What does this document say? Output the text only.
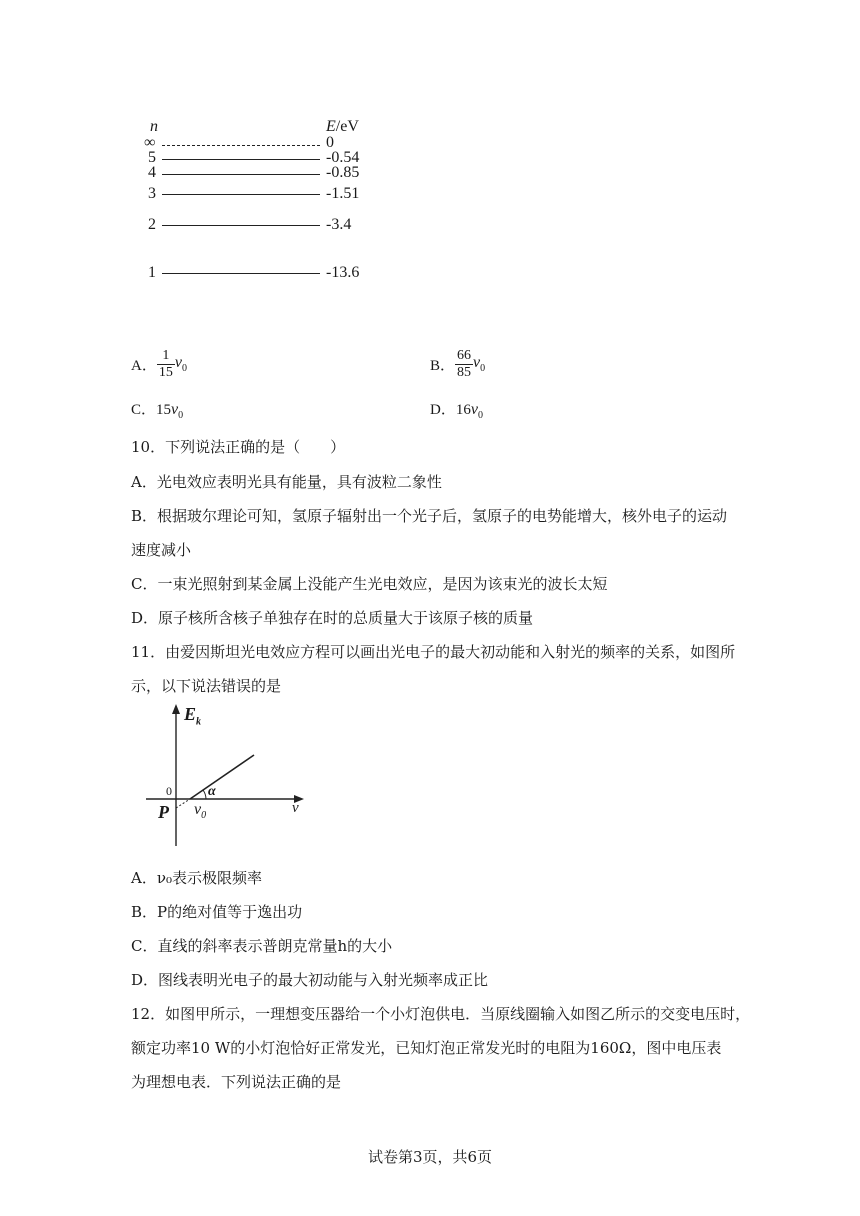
n	E/eV
∞	0
5	-0.54
4	-0.85
3	-1.51
2	-3.4
1	-13.6
A． $\frac{1}{15} \nu_0$	B． $\frac{66}{85} \nu_0$
C． 15 $\nu_0$	D． 16 $\nu_0$
10．下列说法正确的是（　　）
A．光电效应表明光具有能量，具有波粒二象性
B．根据玻尔理论可知，氢原子辐射出一个光子后，氢原子的电势能增大，核外电子的运动
速度减小
C．一束光照射到某金属上没能产生光电效应，是因为该束光的波长太短
D．原子核所含核子单独存在时的总质量大于该原子核的质量
11．由爱因斯坦光电效应方程可以画出光电子的最大初动能和入射光的频率的关系，如图所
示，以下说法错误的是
$E_k$
ν
0
P $\nu_0$
α
A．ν₀表示极限频率
B．P的绝对值等于逸出功
C．直线的斜率表示普朗克常量h的大小
D．图线表明光电子的最大初动能与入射光频率成正比
12．如图甲所示，一理想变压器给一个小灯泡供电．当原线圈输入如图乙所示的交变电压时，
额定功率10 W的小灯泡恰好正常发光，已知灯泡正常发光时的电阻为160Ω，图中电压表
为理想电表．下列说法正确的是
试卷第3页，共6页
